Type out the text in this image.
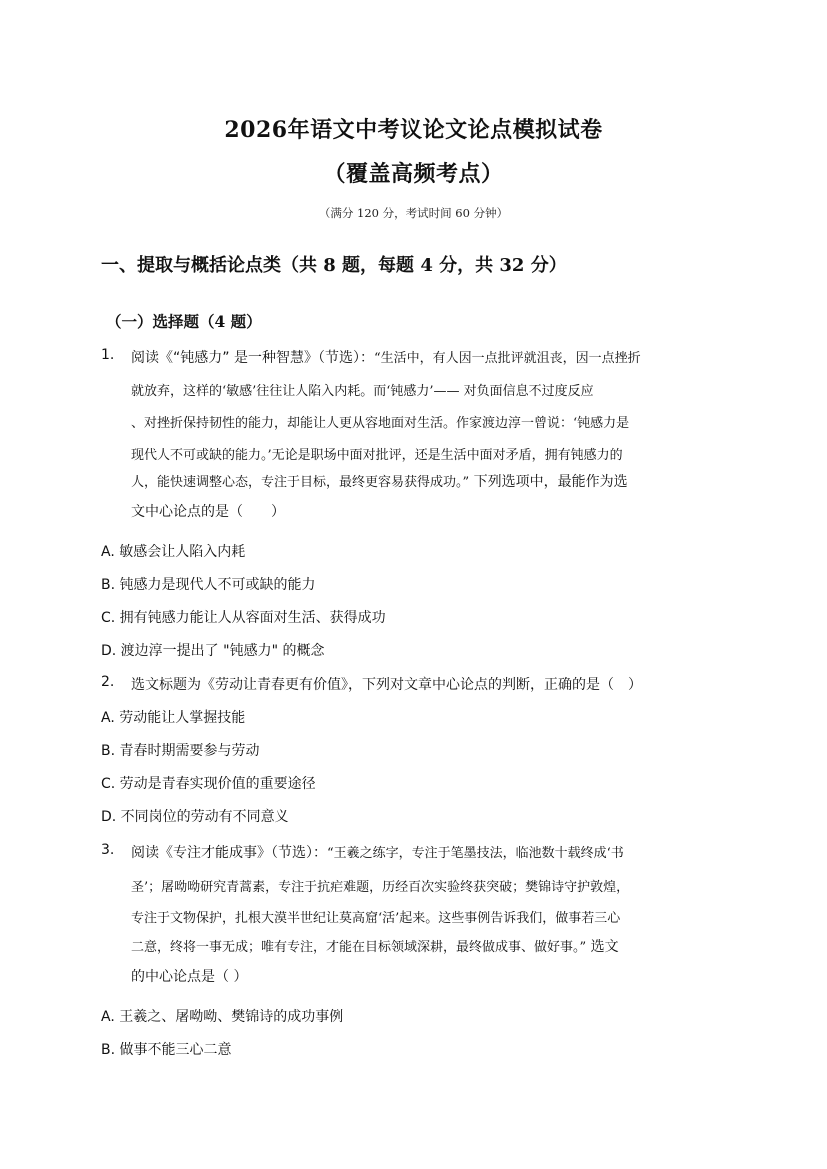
2026年语文中考议论文论点模拟试卷
（覆盖高频考点）
（满分 120 分，考试时间 60 分钟）
一、提取与概括论点类（共 8 题，每题 4 分，共 32 分）
（一）选择题（4 题）
1. 阅读《“钝感力” 是一种智慧》（节选）：“生活中，有人因一点批评就沮丧，因一点挫折
就放弃，这样的‘敏感’往往让人陷入内耗。而‘钝感力’—— 对负面信息不过度反应
、对挫折保持韧性的能力，却能让人更从容地面对生活。作家渡边淳一曾说：‘钝感力是
现代人不可或缺的能力。’无论是职场中面对批评，还是生活中面对矛盾，拥有钝感力的
人，能快速调整心态，专注于目标，最终更容易获得成功。” 下列选项中，最能作为选
文中心论点的是（　　）
A. 敏感会让人陷入内耗
B. 钝感力是现代人不可或缺的能力
C. 拥有钝感力能让人从容面对生活、获得成功
D. 渡边淳一提出了 "钝感力" 的概念
2. 选文标题为《劳动让青春更有价值》，下列对文章中心论点的判断，正确的是（　）
A. 劳动能让人掌握技能
B. 青春时期需要参与劳动
C. 劳动是青春实现价值的重要途径
D. 不同岗位的劳动有不同意义
3. 阅读《专注才能成事》（节选）：“王羲之练字，专注于笔墨技法，临池数十载终成‘书
圣’；屠呦呦研究青蒿素，专注于抗疟难题，历经百次实验终获突破；樊锦诗守护敦煌，
专注于文物保护，扎根大漠半世纪让莫高窟‘活’起来。这些事例告诉我们，做事若三心
二意，终将一事无成；唯有专注，才能在目标领域深耕，最终做成事、做好事。” 选文
的中心论点是（ ）
A. 王羲之、屠呦呦、樊锦诗的成功事例
B. 做事不能三心二意
